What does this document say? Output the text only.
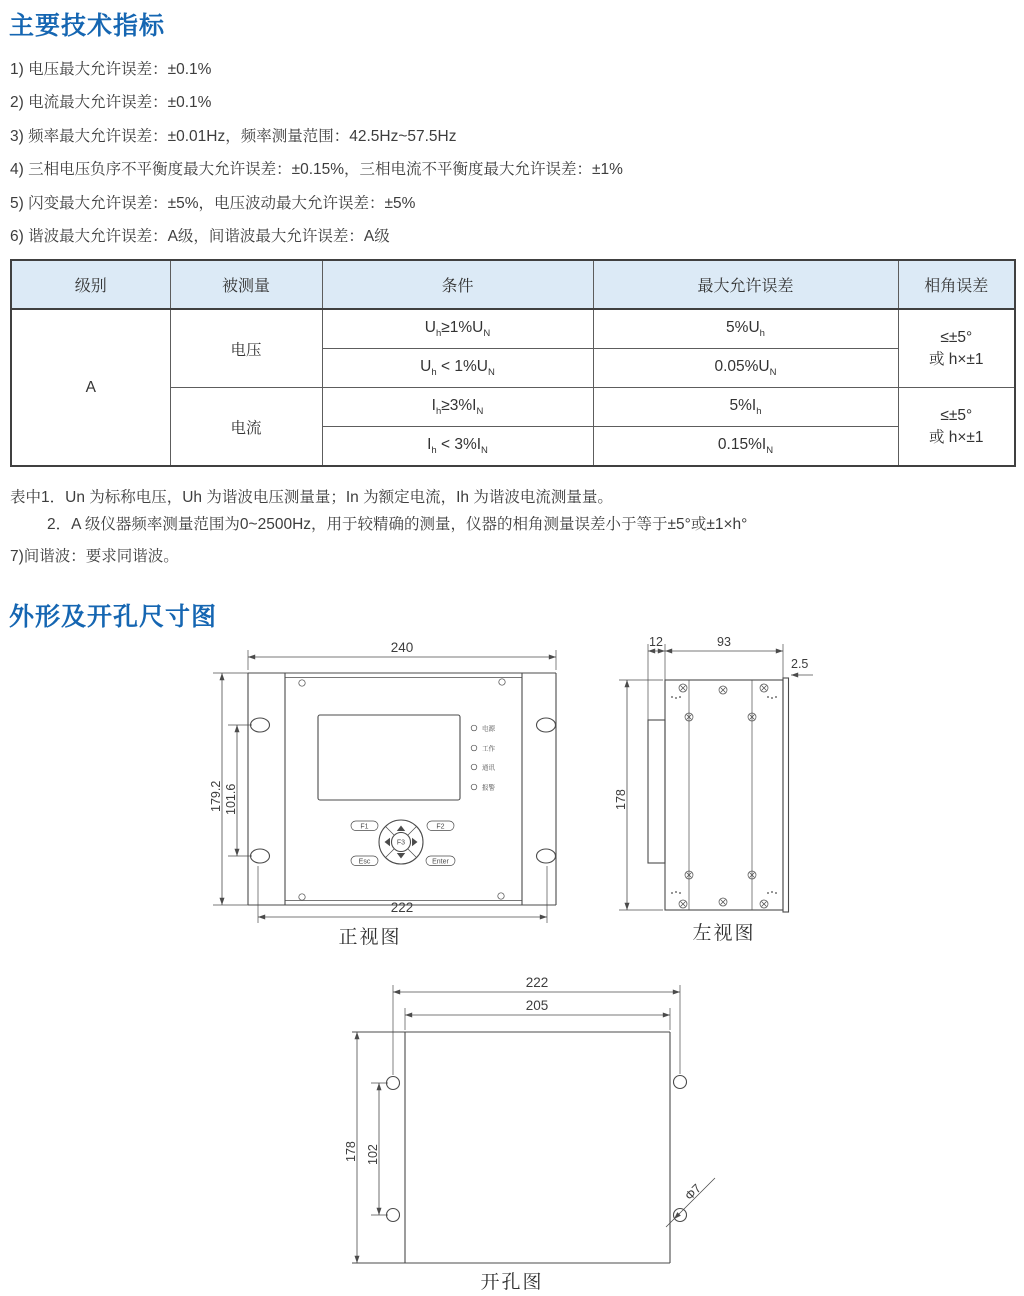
主要技术指标
1) 电压最大允许误差：±0.1%
2) 电流最大允许误差：±0.1%
3) 频率最大允许误差：±0.01Hz，频率测量范围：42.5Hz~57.5Hz
4) 三相电压负序不平衡度最大允许误差：±0.15%，三相电流不平衡度最大允许误差：±1%
5) 闪变最大允许误差：±5%，电压波动最大允许误差：±5%
6) 谐波最大允许误差：A级，间谐波最大允许误差：A级
级别	被测量	条件	最大允许误差	相角误差
A	电压	$U_h\ge 1\%U_N$	$5\%U_h$	≤±5°
或 h×±1

		$U_h < 1\%U_N$	$0.05\%U_N$
	电流	$I_h\ge 3\%I_N$	$5\%I_h$	≤±5°
或 h×±1

		$I_h < 3\%I_N$	$0.15\%I_N$
表中1．Un 为标称电压，Uh 为谐波电压测量量；In 为额定电流，Ih 为谐波电流测量量。
2．A 级仪器频率测量范围为0~2500Hz，用于较精确的测量，仪器的相角测量误差小于等于±5°或±1×h°
7)间谐波：要求同谐波。
外形及开孔尺寸图
240
222
179.2 101.6
电源
工作
通讯
报警
F1	F2
Esc	Enter
F3
正视图
12	93
2.5
178
左视图
222
205
178 102
Φ7
开孔图
